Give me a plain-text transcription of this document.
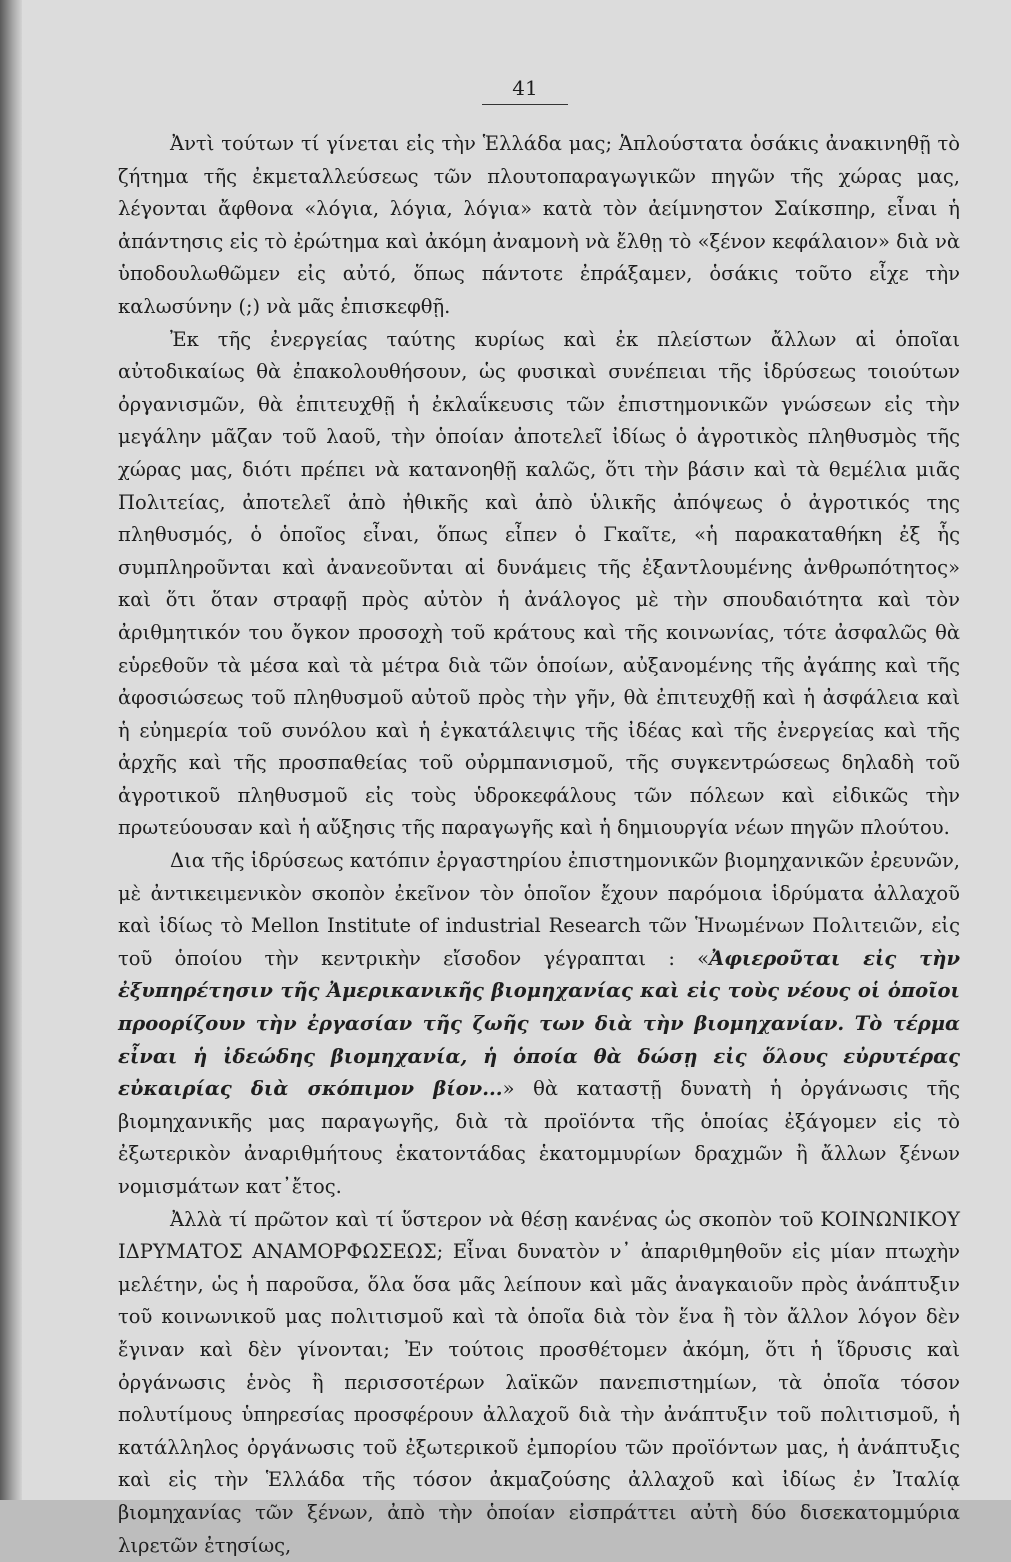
41

Ἀντὶ τούτων τί γίνεται εἰς τὴν Ἑλλάδα μας; Ἁπλούστατα ὁσάκις ἀνακινηθῇ τὸ ζήτημα τῆς ἐκμεταλλεύσεως τῶν πλουτοπαραγωγικῶν πηγῶν τῆς χώρας μας, λέγονται ἄφθονα «λόγια, λόγια, λόγια» κατὰ τὸν ἀείμνηστον Σαίκσπηρ, εἶναι ἡ ἀπάντησις εἰς τὸ ἐρώτημα καὶ ἀκόμη ἀναμονὴ νὰ ἔλθῃ τὸ «ξένον κεφάλαιον» διὰ νὰ ὑποδουλωθῶμεν εἰς αὐτό, ὅπως πάντοτε ἐπράξαμεν, ὁσάκις τοῦτο εἶχε τὴν καλωσύνην (;) νὰ μᾶς ἐπισκεφθῇ.

Ἐκ τῆς ἐνεργείας ταύτης κυρίως καὶ ἐκ πλείστων ἄλλων αἱ ὁποῖαι αὐτοδικαίως θὰ ἐπακολουθήσουν, ὡς φυσικαὶ συνέπειαι τῆς ἱδρύσεως τοιούτων ὀργανισμῶν, θὰ ἐπιτευχθῇ ἡ ἐκλαΐκευσις τῶν ἐπιστημονικῶν γνώσεων εἰς τὴν μεγάλην μᾶζαν τοῦ λαοῦ, τὴν ὁποίαν ἀποτελεῖ ἰδίως ὁ ἀγροτικὸς πληθυσμὸς τῆς χώρας μας, διότι πρέπει νὰ κατανοηθῇ καλῶς, ὅτι τὴν βάσιν καὶ τὰ θεμέλια μιᾶς Πολιτείας, ἀποτελεῖ ἀπὸ ἠθικῆς καὶ ἀπὸ ὑλικῆς ἀπόψεως ὁ ἀγροτικός της πληθυσμός, ὁ ὁποῖος εἶναι, ὅπως εἶπεν ὁ Γκαῖτε, «ἡ παρακαταθήκη ἐξ ἧς συμπληροῦνται καὶ ἀνανεοῦνται αἱ δυνάμεις τῆς ἐξαντλουμένης ἀνθρωπότητος» καὶ ὅτι ὅταν στραφῇ πρὸς αὐτὸν ἡ ἀνάλογος μὲ τὴν σπουδαιότητα καὶ τὸν ἀριθμητικόν του ὄγκον προσοχὴ τοῦ κράτους καὶ τῆς κοινωνίας, τότε ἀσφαλῶς θὰ εὑρεθοῦν τὰ μέσα καὶ τὰ μέτρα διὰ τῶν ὁποίων, αὐξανομένης τῆς ἀγάπης καὶ τῆς ἀφοσιώσεως τοῦ πληθυσμοῦ αὐτοῦ πρὸς τὴν γῆν, θὰ ἐπιτευχθῇ καὶ ἡ ἀσφάλεια καὶ ἡ εὐημερία τοῦ συνόλου καὶ ἡ ἐγκατάλειψις τῆς ἰδέας καὶ τῆς ἐνεργείας καὶ τῆς ἀρχῆς καὶ τῆς προσπαθείας τοῦ οὐρμπανισμοῦ, τῆς συγκεντρώσεως δηλαδὴ τοῦ ἀγροτικοῦ πληθυσμοῦ εἰς τοὺς ὑδροκεφάλους τῶν πόλεων καὶ εἰδικῶς τὴν πρωτεύουσαν καὶ ἡ αὔξησις τῆς παραγωγῆς καὶ ἡ δημιουργία νέων πηγῶν πλούτου.

Δια τῆς ἱδρύσεως κατόπιν ἐργαστηρίου ἐπιστημονικῶν βιομηχανικῶν ἐρευνῶν, μὲ ἀντικειμενικὸν σκοπὸν ἐκεῖνον τὸν ὁποῖον ἔχουν παρόμοια ἱδρύματα ἀλλαχοῦ καὶ ἰδίως τὸ Mellon Institute of industrial Research τῶν Ἡνωμένων Πολιτειῶν, εἰς τοῦ ὁποίου τὴν κεντρικὴν εἴσοδον γέγραπται : «Ἀφιεροῦται εἰς τὴν ἐξυπηρέτησιν τῆς Ἀμερικανικῆς βιομηχανίας καὶ εἰς τοὺς νέους οἱ ὁποῖοι προορίζουν τὴν ἐργασίαν τῆς ζωῆς των διὰ τὴν βιομηχανίαν. Τὸ τέρμα εἶναι ἡ ἰδεώδης βιομηχανία, ἡ ὁποία θὰ δώσῃ εἰς ὅλους εὐρυτέρας εὐκαιρίας διὰ σκόπιμον βίον...» θὰ καταστῇ δυνατὴ ἡ ὀργάνωσις τῆς βιομηχανικῆς μας παραγωγῆς, διὰ τὰ προϊόντα τῆς ὁποίας ἐξάγομεν εἰς τὸ ἐξωτερικὸν ἀναριθμήτους ἑκατοντάδας ἑκατομμυρίων δραχμῶν ἢ ἄλλων ξένων νομισμάτων κατ᾽ἔτος.

Ἀλλὰ τί πρῶτον καὶ τί ὕστερον νὰ θέσῃ κανένας ὡς σκοπὸν τοῦ ΚΟΙΝΩΝΙΚΟΥ ΙΔΡΥΜΑΤΟΣ ΑΝΑΜΟΡΦΩΣΕΩΣ; Εἶναι δυνατὸν ν᾽ ἀπαριθμηθοῦν εἰς μίαν πτωχὴν μελέτην, ὡς ἡ παροῦσα, ὅλα ὅσα μᾶς λείπουν καὶ μᾶς ἀναγκαιοῦν πρὸς ἀνάπτυξιν τοῦ κοινωνικοῦ μας πολιτισμοῦ καὶ τὰ ὁποῖα διὰ τὸν ἕνα ἢ τὸν ἄλλον λόγον δὲν ἔγιναν καὶ δὲν γίνονται; Ἐν τούτοις προσθέτομεν ἀκόμη, ὅτι ἡ ἵδρυσις καὶ ὀργάνωσις ἑνὸς ἢ περισσοτέρων λαϊκῶν πανεπιστημίων, τὰ ὁποῖα τόσον πολυτίμους ὑπηρεσίας προσφέρουν ἀλλαχοῦ διὰ τὴν ἀνάπτυξιν τοῦ πολιτισμοῦ, ἡ κατάλληλος ὀργάνωσις τοῦ ἐξωτερικοῦ ἐμπορίου τῶν προϊόντων μας, ἡ ἀνάπτυξις καὶ εἰς τὴν Ἑλλάδα τῆς τόσον ἀκμαζούσης ἀλλαχοῦ καὶ ἰδίως ἐν Ἰταλίᾳ βιομηχανίας τῶν ξένων, ἀπὸ τὴν ὁποίαν εἰσπράττει αὐτὴ δύο δισεκατομμύρια λιρετῶν ἐτησίως,
